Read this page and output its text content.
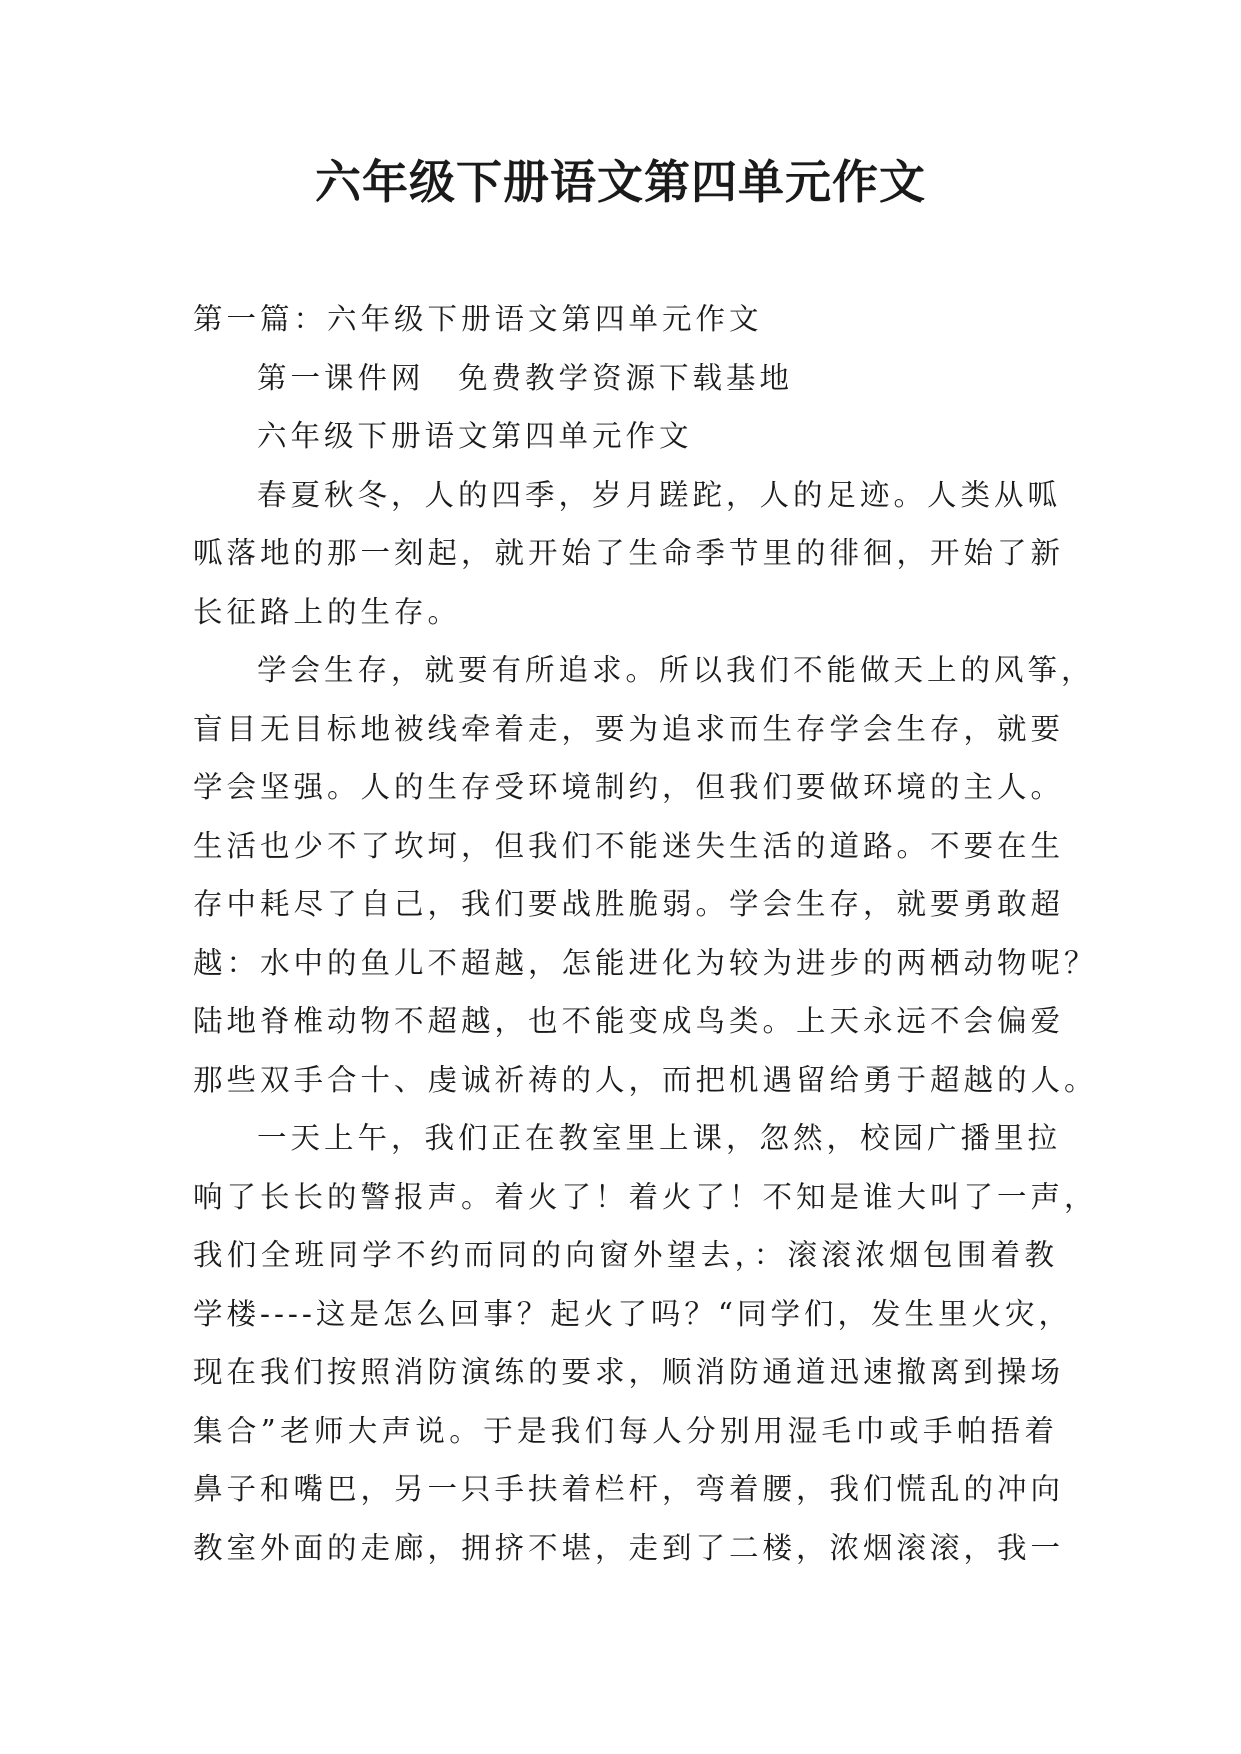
六年级下册语文第四单元作文

第一篇：六年级下册语文第四单元作文

第一课件网　免费教学资源下载基地

六年级下册语文第四单元作文

春夏秋冬，人的四季，岁月蹉跎，人的足迹。人类从呱

呱落地的那一刻起，就开始了生命季节里的徘徊，开始了新

长征路上的生存。

学会生存，就要有所追求。所以我们不能做天上的风筝，

盲目无目标地被线牵着走，要为追求而生存学会生存，就要

学会坚强。人的生存受环境制约，但我们要做环境的主人。

生活也少不了坎坷，但我们不能迷失生活的道路。不要在生

存中耗尽了自己，我们要战胜脆弱。学会生存，就要勇敢超

越：水中的鱼儿不超越，怎能进化为较为进步的两栖动物呢？

陆地脊椎动物不超越，也不能变成鸟类。上天永远不会偏爱

那些双手合十、虔诚祈祷的人，而把机遇留给勇于超越的人。

一天上午，我们正在教室里上课，忽然，校园广播里拉

响了长长的警报声。着火了！着火了！不知是谁大叫了一声，

我们全班同学不约而同的向窗外望去，：滚滚浓烟包围着教

学楼----这是怎么回事？起火了吗？“同学们，发生里火灾，

现在我们按照消防演练的要求，顺消防通道迅速撤离到操场

集合”老师大声说。于是我们每人分别用湿毛巾或手帕捂着

鼻子和嘴巴，另一只手扶着栏杆，弯着腰，我们慌乱的冲向

教室外面的走廊，拥挤不堪，走到了二楼，浓烟滚滚，我一
